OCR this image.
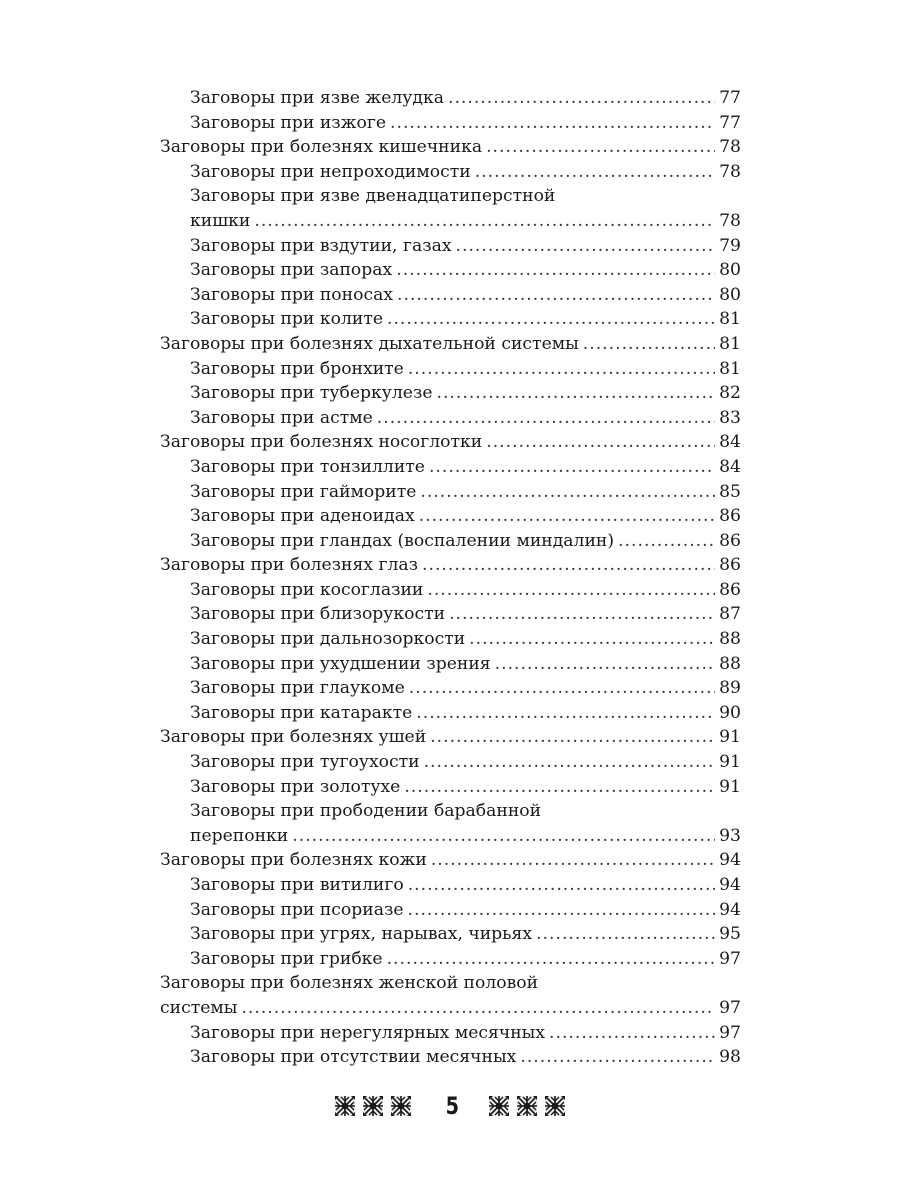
Заговоры при язве желудка .....	77
Заговоры при изжоге .....	77
Заговоры при болезнях кишечника .....	78
Заговоры при непроходимости .....	78
Заговоры при язве двенадцатиперстной
кишки .....	78
Заговоры при вздутии, газах .....	79
Заговоры при запорах .....	80
Заговоры при поносах .....	80
Заговоры при колите .....	81
Заговоры при болезнях дыхательной системы .....	81
Заговоры при бронхите .....	81
Заговоры при туберкулезе .....	82
Заговоры при астме .....	83
Заговоры при болезнях носоглотки .....	84
Заговоры при тонзиллите .....	84
Заговоры при гайморите .....	85
Заговоры при аденоидах .....	86
Заговоры при гландах (воспалении миндалин) .....	86
Заговоры при болезнях глаз .....	86
Заговоры при косоглазии .....	86
Заговоры при близорукости .....	87
Заговоры при дальнозоркости .....	88
Заговоры при ухудшении зрения .....	88
Заговоры при глаукоме .....	89
Заговоры при катаракте .....	90
Заговоры при болезнях ушей .....	91
Заговоры при тугоухости .....	91
Заговоры при золотухе .....	91
Заговоры при прободении барабанной
перепонки .....	93
Заговоры при болезнях кожи .....	94
Заговоры при витилиго .....	94
Заговоры при псориазе .....	94
Заговоры при угрях, нарывах, чирьях .....	95
Заговоры при грибке .....	97
Заговоры при болезнях женской половой
системы .....	97
Заговоры при нерегулярных месячных .....	97
Заговоры при отсутствии месячных .....	98
5
